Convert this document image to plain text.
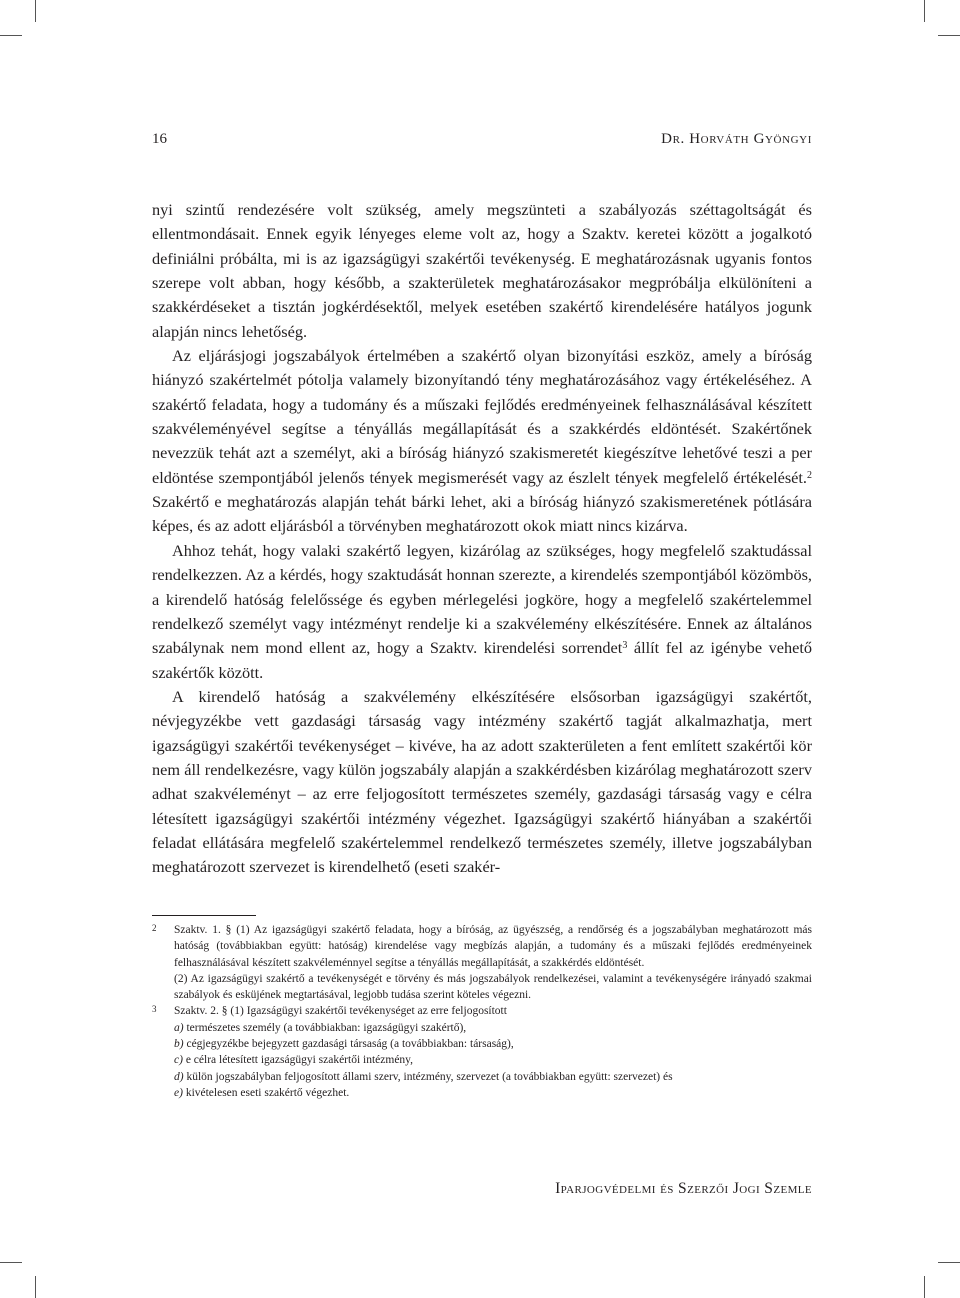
16	Dr. Horváth Gyöngyi

nyi szintű rendezésére volt szükség, amely megszünteti a szabályozás széttagoltságát és ellentmondásait. Ennek egyik lényeges eleme volt az, hogy a Szaktv. keretei között a jogalkotó definiálni próbálta, mi is az igazságügyi szakértői tevékenység. E meghatározásnak ugyanis fontos szerepe volt abban, hogy később, a szakterületek meghatározásakor megpróbálja elkülöníteni a szakkérdéseket a tisztán jogkérdésektől, melyek esetében szakértő kirendelésére hatályos jogunk alapján nincs lehetőség.

Az eljárásjogi jogszabályok értelmében a szakértő olyan bizonyítási eszköz, amely a bíróság hiányzó szakértelmét pótolja valamely bizonyítandó tény meghatározásához vagy értékeléséhez. A szakértő feladata, hogy a tudomány és a műszaki fejlődés eredményeinek felhasználásával készített szakvéleményével segítse a tényállás megállapítását és a szakkérdés eldöntését. Szakértőnek nevezzük tehát azt a személyt, aki a bíróság hiányzó szakismeretét kiegészítve lehetővé teszi a per eldöntése szempontjából jelenős tények megismerését vagy az észlelt tények megfelelő értékelését.$^2$ Szakértő e meghatározás alapján tehát bárki lehet, aki a bíróság hiányzó szakismeretének pótlására képes, és az adott eljárásból a törvényben meghatározott okok miatt nincs kizárva.

Ahhoz tehát, hogy valaki szakértő legyen, kizárólag az szükséges, hogy megfelelő szaktudással rendelkezzen. Az a kérdés, hogy szaktudását honnan szerezte, a kirendelés szempontjából közömbös, a kirendelő hatóság felelőssége és egyben mérlegelési jogköre, hogy a megfelelő szakértelemmel rendelkező személyt vagy intézményt rendelje ki a szakvélemény elkészítésére. Ennek az általános szabálynak nem mond ellent az, hogy a Szaktv. kirendelési sorrendet$^3$ állít fel az igénybe vehető szakértők között.

A kirendelő hatóság a szakvélemény elkészítésére elsősorban igazságügyi szakértőt, névjegyzékbe vett gazdasági társaság vagy intézmény szakértő tagját alkalmazhatja, mert igazságügyi szakértői tevékenységet – kivéve, ha az adott szakterületen a fent említett szakértői kör nem áll rendelkezésre, vagy külön jogszabály alapján a szakkérdésben kizárólag meghatározott szerv adhat szakvéleményt – az erre feljogosított természetes személy, gazdasági társaság vagy e célra létesített igazságügyi szakértői intézmény végezhet. Igazságügyi szakértő hiányában a szakértői feladat ellátására megfelelő szakértelemmel rendelkező természetes személy, illetve jogszabályban meghatározott szervezet is kirendelhető (eseti szakér-

2 Szaktv. 1. § (1) Az igazságügyi szakértő feladata, hogy a bíróság, az ügyészség, a rendőrség és a jogszabályban meghatározott más hatóság (továbbiakban együtt: hatóság) kirendelése vagy megbízás alapján, a tudomány és a műszaki fejlődés eredményeinek felhasználásával készített szakvéleménnyel segítse a tényállás megállapítását, a szakkérdés eldöntését.

(2) Az igazságügyi szakértő a tevékenységét e törvény és más jogszabályok rendelkezései, valamint a tevékenységére irányadó szakmai szabályok és esküjének megtartásával, legjobb tudása szerint köteles végezni.

3 Szaktv. 2. § (1) Igazságügyi szakértői tevékenységet az erre feljogosított

a) természetes személy (a továbbiakban: igazságügyi szakértő),

b) cégjegyzékbe bejegyzett gazdasági társaság (a továbbiakban: társaság),

c) e célra létesített igazságügyi szakértői intézmény,

d) külön jogszabályban feljogosított állami szerv, intézmény, szervezet (a továbbiakban együtt: szervezet) és

e) kivételesen eseti szakértő végezhet.

Iparjogvédelmi és Szerzői Jogi Szemle
